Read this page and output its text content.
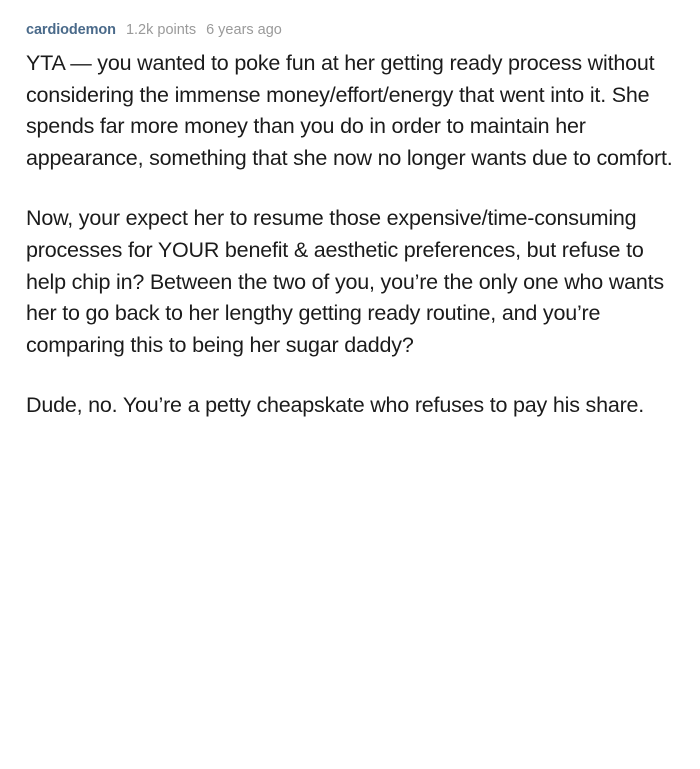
cardiodemon 1.2k points 6 years ago

YTA — you wanted to poke fun at her getting ready process without considering the immense money/effort/energy that went into it. She spends far more money than you do in order to maintain her appearance, something that she now no longer wants due to comfort.

Now, your expect her to resume those expensive/time-consuming processes for YOUR benefit & aesthetic preferences, but refuse to help chip in? Between the two of you, you’re the only one who wants her to go back to her lengthy getting ready routine, and you’re comparing this to being her sugar daddy?

Dude, no. You’re a petty cheapskate who refuses to pay his share.
